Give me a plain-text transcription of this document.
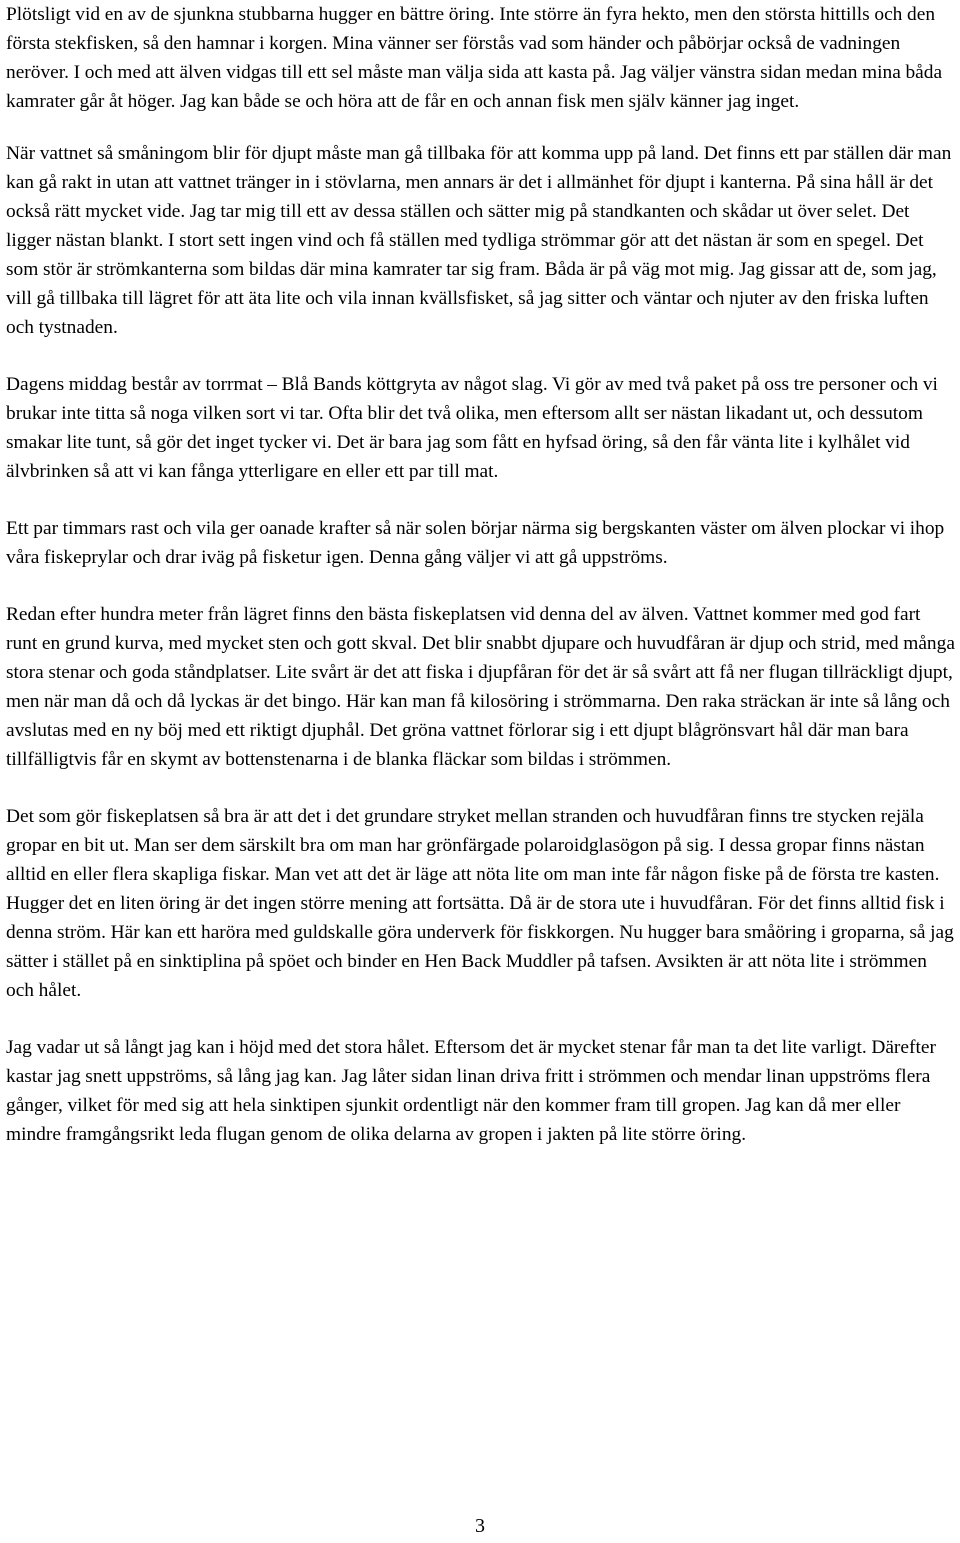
Plötsligt vid en av de sjunkna stubbarna hugger en bättre öring. Inte större än fyra hekto, men den största hittills och den första stekfisken, så den hamnar i korgen. Mina vänner ser förstås vad som händer och påbörjar också de vadningen neröver. I och med att älven vidgas till ett sel måste man välja sida att kasta på. Jag väljer vänstra sidan medan mina båda kamrater går åt höger. Jag kan både se och höra att de får en och annan fisk men själv känner jag inget.

När vattnet så småningom blir för djupt måste man gå tillbaka för att komma upp på land. Det finns ett par ställen där man kan gå rakt in utan att vattnet tränger in i stövlarna, men annars är det i allmänhet för djupt i kanterna. På sina håll är det också rätt mycket vide. Jag tar mig till ett av dessa ställen och sätter mig på standkanten och skådar ut över selet. Det ligger nästan blankt. I stort sett ingen vind och få ställen med tydliga strömmar gör att det nästan är som en spegel. Det som stör är strömkanterna som bildas där mina kamrater tar sig fram. Båda är på väg mot mig. Jag gissar att de, som jag, vill gå tillbaka till lägret för att äta lite och vila innan kvällsfisket, så jag sitter och väntar och njuter av den friska luften och tystnaden.

Dagens middag består av torrmat – Blå Bands köttgryta av något slag. Vi gör av med två paket på oss tre personer och vi brukar inte titta så noga vilken sort vi tar. Ofta blir det två olika, men eftersom allt ser nästan likadant ut, och dessutom smakar lite tunt, så gör det inget tycker vi. Det är bara jag som fått en hyfsad öring, så den får vänta lite i kylhålet vid älvbrinken så att vi kan fånga ytterligare en eller ett par till mat.

Ett par timmars rast och vila ger oanade krafter så när solen börjar närma sig bergskanten väster om älven plockar vi ihop våra fiskeprylar och drar iväg på fisketur igen. Denna gång väljer vi att gå uppströms.

Redan efter hundra meter från lägret finns den bästa fiskeplatsen vid denna del av älven. Vattnet kommer med god fart runt en grund kurva, med mycket sten och gott skval. Det blir snabbt djupare och huvudfåran är djup och strid, med många stora stenar och goda ståndplatser. Lite svårt är det att fiska i djupfåran för det är så svårt att få ner flugan tillräckligt djupt, men när man då och då lyckas är det bingo. Här kan man få kilosöring i strömmarna. Den raka sträckan är inte så lång och avslutas med en ny böj med ett riktigt djuphål. Det gröna vattnet förlorar sig i ett djupt blågrönsvart hål där man bara tillfälligtvis får en skymt av bottenstenarna i de blanka fläckar som bildas i strömmen.

Det som gör fiskeplatsen så bra är att det i det grundare stryket mellan stranden och huvudfåran finns tre stycken rejäla gropar en bit ut. Man ser dem särskilt bra om man har grönfärgade polaroidglasögon på sig. I dessa gropar finns nästan alltid en eller flera skapliga fiskar. Man vet att det är läge att nöta lite om man inte får någon fiske på de första tre kasten. Hugger det en liten öring är det ingen större mening att fortsätta. Då är de stora ute i huvudfåran. För det finns alltid fisk i denna ström. Här kan ett haröra med guldskalle göra underverk för fiskkorgen. Nu hugger bara småöring i groparna, så jag sätter i stället på en sinktiplina på spöet och binder en Hen Back Muddler på tafsen. Avsikten är att nöta lite i strömmen och hålet.

Jag vadar ut så långt jag kan i höjd med det stora hålet. Eftersom det är mycket stenar får man ta det lite varligt. Därefter kastar jag snett uppströms, så lång jag kan. Jag låter sidan linan driva fritt i strömmen och mendar linan uppströms flera gånger, vilket för med sig att hela sinktipen sjunkit ordentligt när den kommer fram till gropen. Jag kan då mer eller mindre framgångsrikt leda flugan genom de olika delarna av gropen i jakten på lite större öring.

3
